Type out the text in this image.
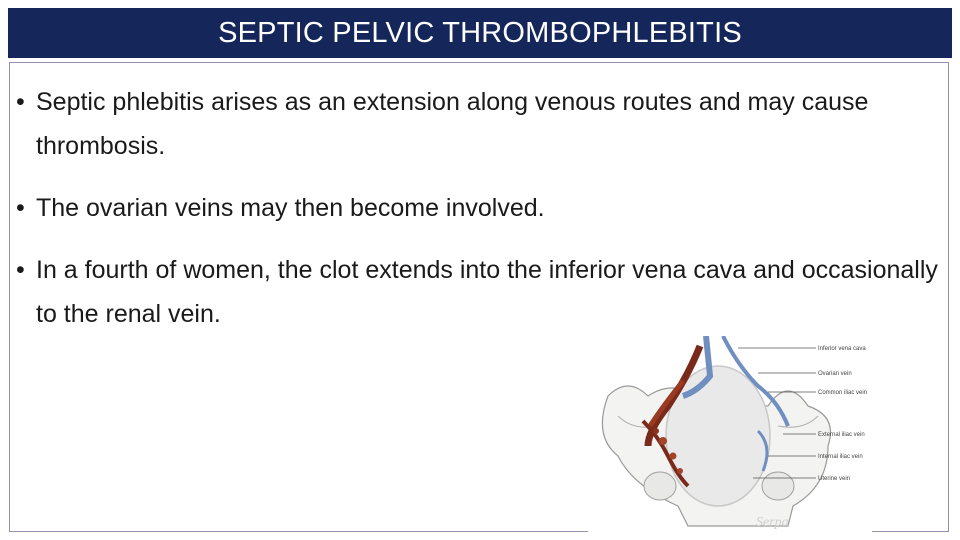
SEPTIC PELVIC THROMBOPHLEBITIS
• Septic phlebitis arises as an extension along venous routes and may cause thrombosis.
• The ovarian veins may then become involved.
• In a fourth of women, the clot extends into the inferior vena cava and occasionally to the renal vein.
Inferior vena cava
Ovarian vein
Common iliac vein
External iliac vein
Internal iliac vein
Uterine vein
Serpa
